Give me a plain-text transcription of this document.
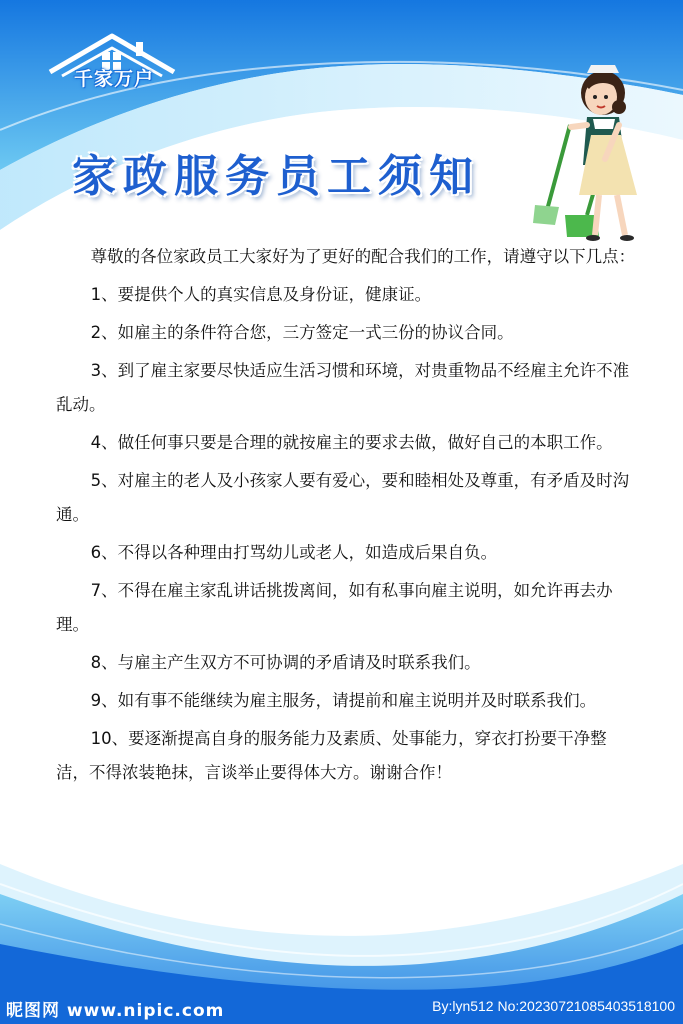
千家万户
家政服务员工须知

尊敬的各位家政员工大家好为了更好的配合我们的工作，请遵守以下几点：

1、要提供个人的真实信息及身份证，健康证。

2、如雇主的条件符合您，三方签定一式三份的协议合同。

3、到了雇主家要尽快适应生活习惯和环境，对贵重物品不经雇主允许不准乱动。

4、做任何事只要是合理的就按雇主的要求去做，做好自己的本职工作。

5、对雇主的老人及小孩家人要有爱心，要和睦相处及尊重，有矛盾及时沟通。

6、不得以各种理由打骂幼儿或老人，如造成后果自负。

7、不得在雇主家乱讲话挑拨离间，如有私事向雇主说明，如允许再去办理。

8、与雇主产生双方不可协调的矛盾请及时联系我们。

9、如有事不能继续为雇主服务，请提前和雇主说明并及时联系我们。

10、要逐渐提高自身的服务能力及素质、处事能力，穿衣打扮要干净整洁，不得浓装艳抹，言谈举止要得体大方。谢谢合作！

昵图网 www.nipic.com	By:lyn512 No:20230721085403518100
